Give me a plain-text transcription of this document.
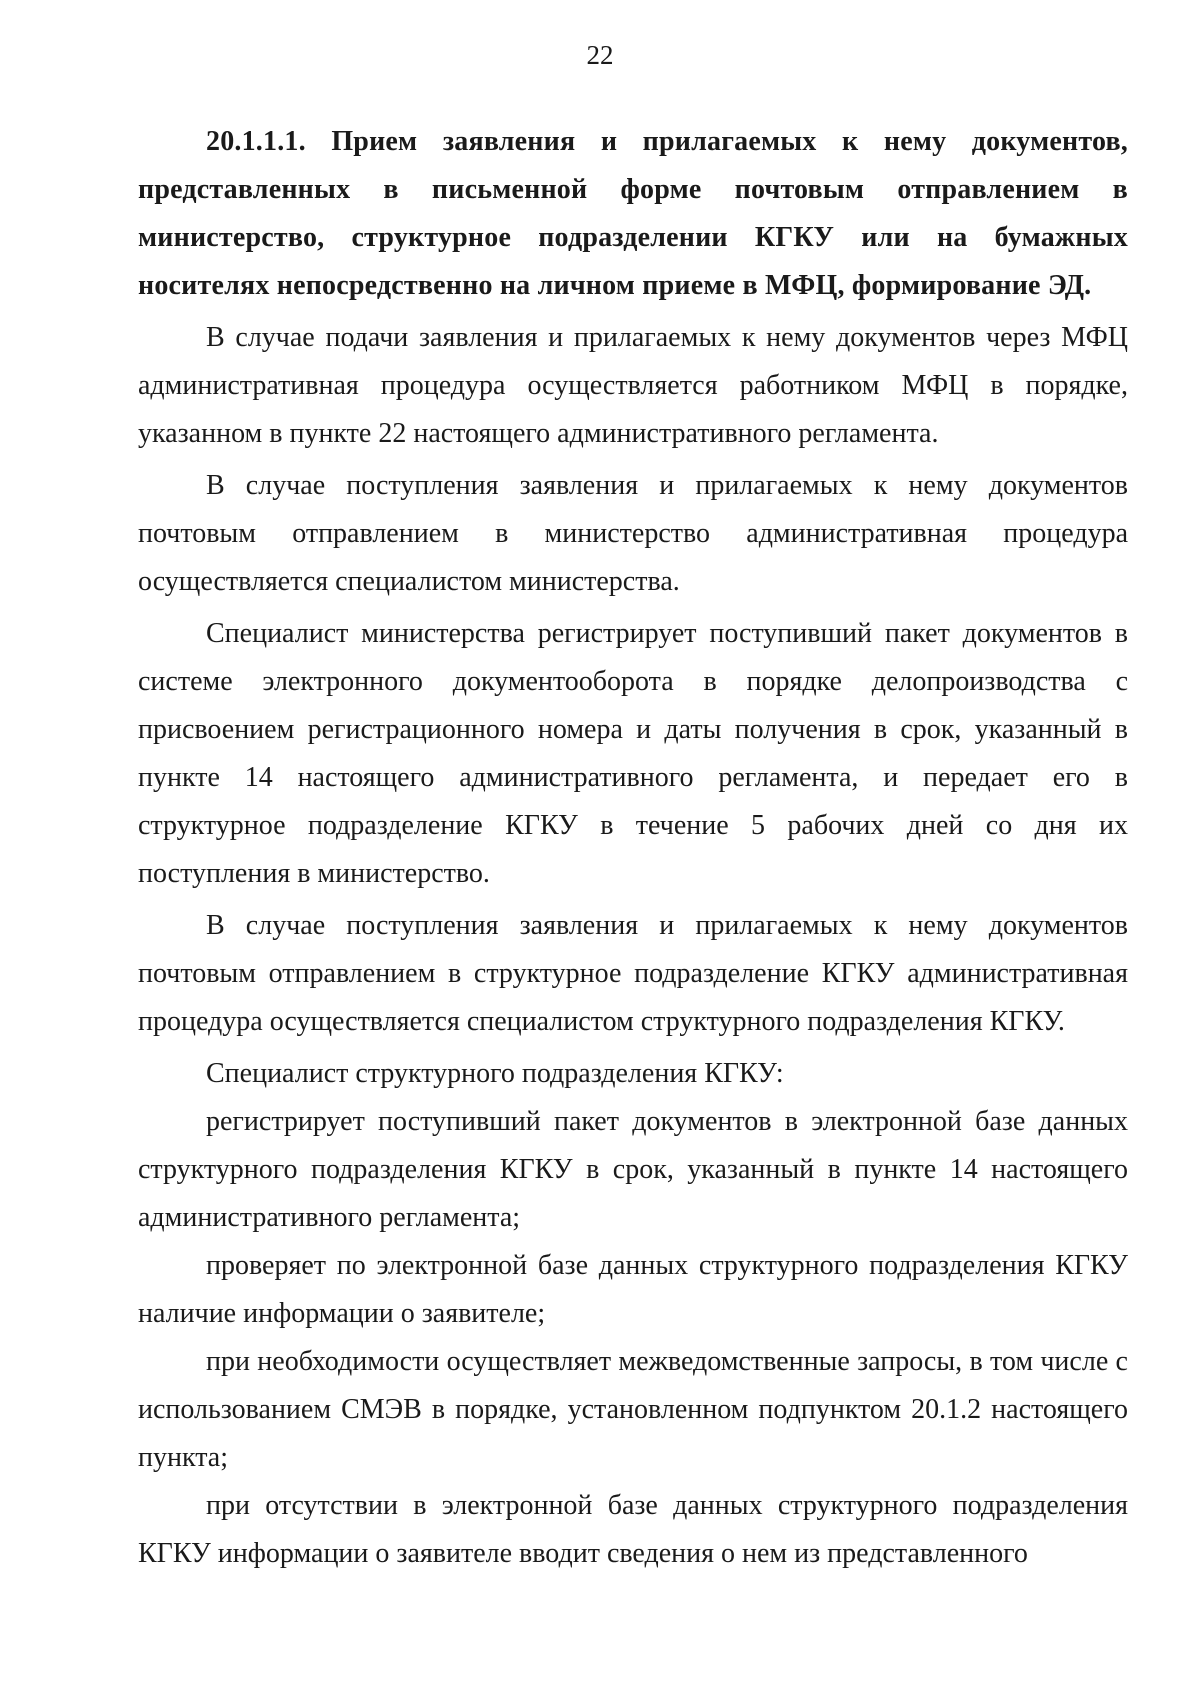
22

20.1.1.1. Прием заявления и прилагаемых к нему документов, представленных в письменной форме почтовым отправлением в министерство, структурное подразделении КГКУ или на бумажных носителях непосредственно на личном приеме в МФЦ, формирование ЭД.

В случае подачи заявления и прилагаемых к нему документов через МФЦ административная процедура осуществляется работником МФЦ в порядке, указанном в пункте 22 настоящего административного регламента.

В случае поступления заявления и прилагаемых к нему документов почтовым отправлением в министерство административная процедура осуществляется специалистом министерства.

Специалист министерства регистрирует поступивший пакет документов в системе электронного документооборота в порядке делопроизводства с присвоением регистрационного номера и даты получения в срок, указанный в пункте 14 настоящего административного регламента, и передает его в структурное подразделение КГКУ в течение 5 рабочих дней со дня их поступления в министерство.

В случае поступления заявления и прилагаемых к нему документов почтовым отправлением в структурное подразделение КГКУ административная процедура осуществляется специалистом структурного подразделения КГКУ.

Специалист структурного подразделения КГКУ:

регистрирует поступивший пакет документов в электронной базе данных структурного подразделения КГКУ в срок, указанный в пункте 14 настоящего административного регламента;

проверяет по электронной базе данных структурного подразделения КГКУ наличие информации о заявителе;

при необходимости осуществляет межведомственные запросы, в том числе с использованием СМЭВ в порядке, установленном подпунктом 20.1.2 настоящего пункта;

при отсутствии в электронной базе данных структурного подразделения КГКУ информации о заявителе вводит сведения о нем из представленного
